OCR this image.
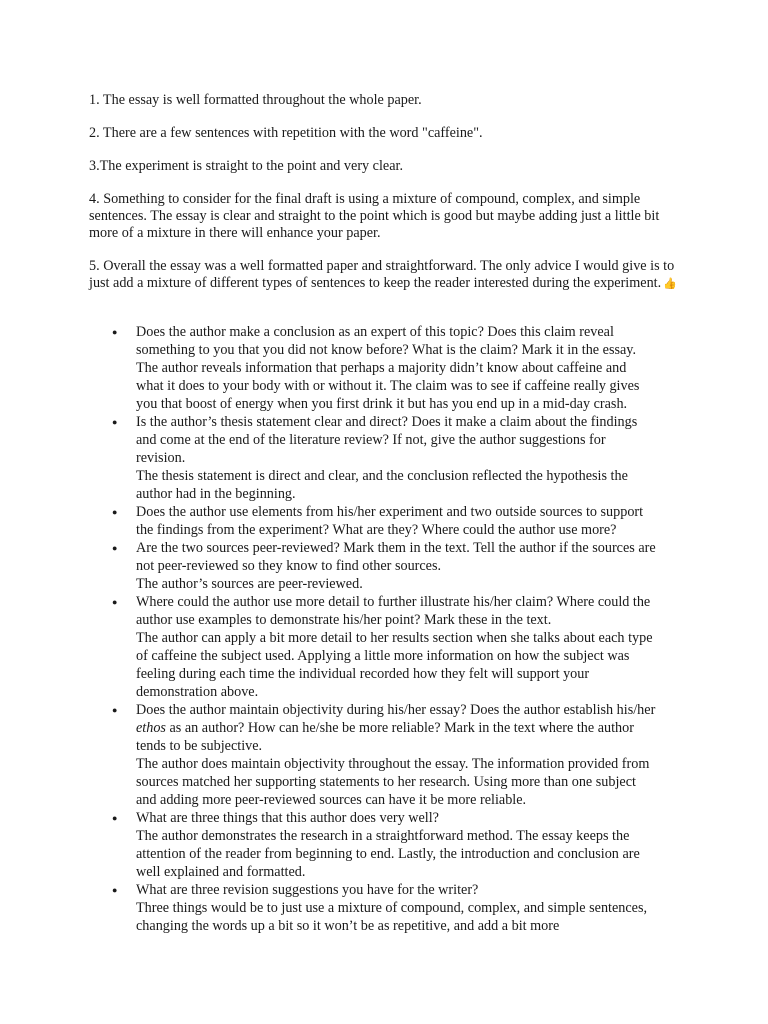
1. The essay is well formatted throughout the whole paper.

2. There are a few sentences with repetition with the word "caffeine".

3.The experiment is straight to the point and very clear.

4. Something to consider for the final draft is using a mixture of compound, complex, and simple sentences. The essay is clear and straight to the point which is good but maybe adding just a little bit more of a mixture in there will enhance your paper.

5. Overall the essay was a well formatted paper and straightforward. The only advice I would give is to just add a mixture of different types of sentences to keep the reader interested during the experiment. 👍

● Does the author make a conclusion as an expert of this topic? Does this claim reveal something to you that you did not know before? What is the claim? Mark it in the essay.
The author reveals information that perhaps a majority didn’t know about caffeine and what it does to your body with or without it. The claim was to see if caffeine really gives you that boost of energy when you first drink it but has you end up in a mid-day crash.
● Is the author’s thesis statement clear and direct? Does it make a claim about the findings and come at the end of the literature review? If not, give the author suggestions for revision.
The thesis statement is direct and clear, and the conclusion reflected the hypothesis the author had in the beginning.
● Does the author use elements from his/her experiment and two outside sources to support the findings from the experiment? What are they? Where could the author use more?
● Are the two sources peer-reviewed? Mark them in the text. Tell the author if the sources are not peer-reviewed so they know to find other sources.
The author’s sources are peer-reviewed.
● Where could the author use more detail to further illustrate his/her claim? Where could the author use examples to demonstrate his/her point? Mark these in the text.
The author can apply a bit more detail to her results section when she talks about each type of caffeine the subject used. Applying a little more information on how the subject was feeling during each time the individual recorded how they felt will support your demonstration above.
● Does the author maintain objectivity during his/her essay? Does the author establish his/her ethos as an author? How can he/she be more reliable? Mark in the text where the author tends to be subjective.
The author does maintain objectivity throughout the essay. The information provided from sources matched her supporting statements to her research. Using more than one subject and adding more peer-reviewed sources can have it be more reliable.
● What are three things that this author does very well?
The author demonstrates the research in a straightforward method. The essay keeps the attention of the reader from beginning to end. Lastly, the introduction and conclusion are well explained and formatted.
● What are three revision suggestions you have for the writer?
Three things would be to just use a mixture of compound, complex, and simple sentences, changing the words up a bit so it won’t be as repetitive, and add a bit more
